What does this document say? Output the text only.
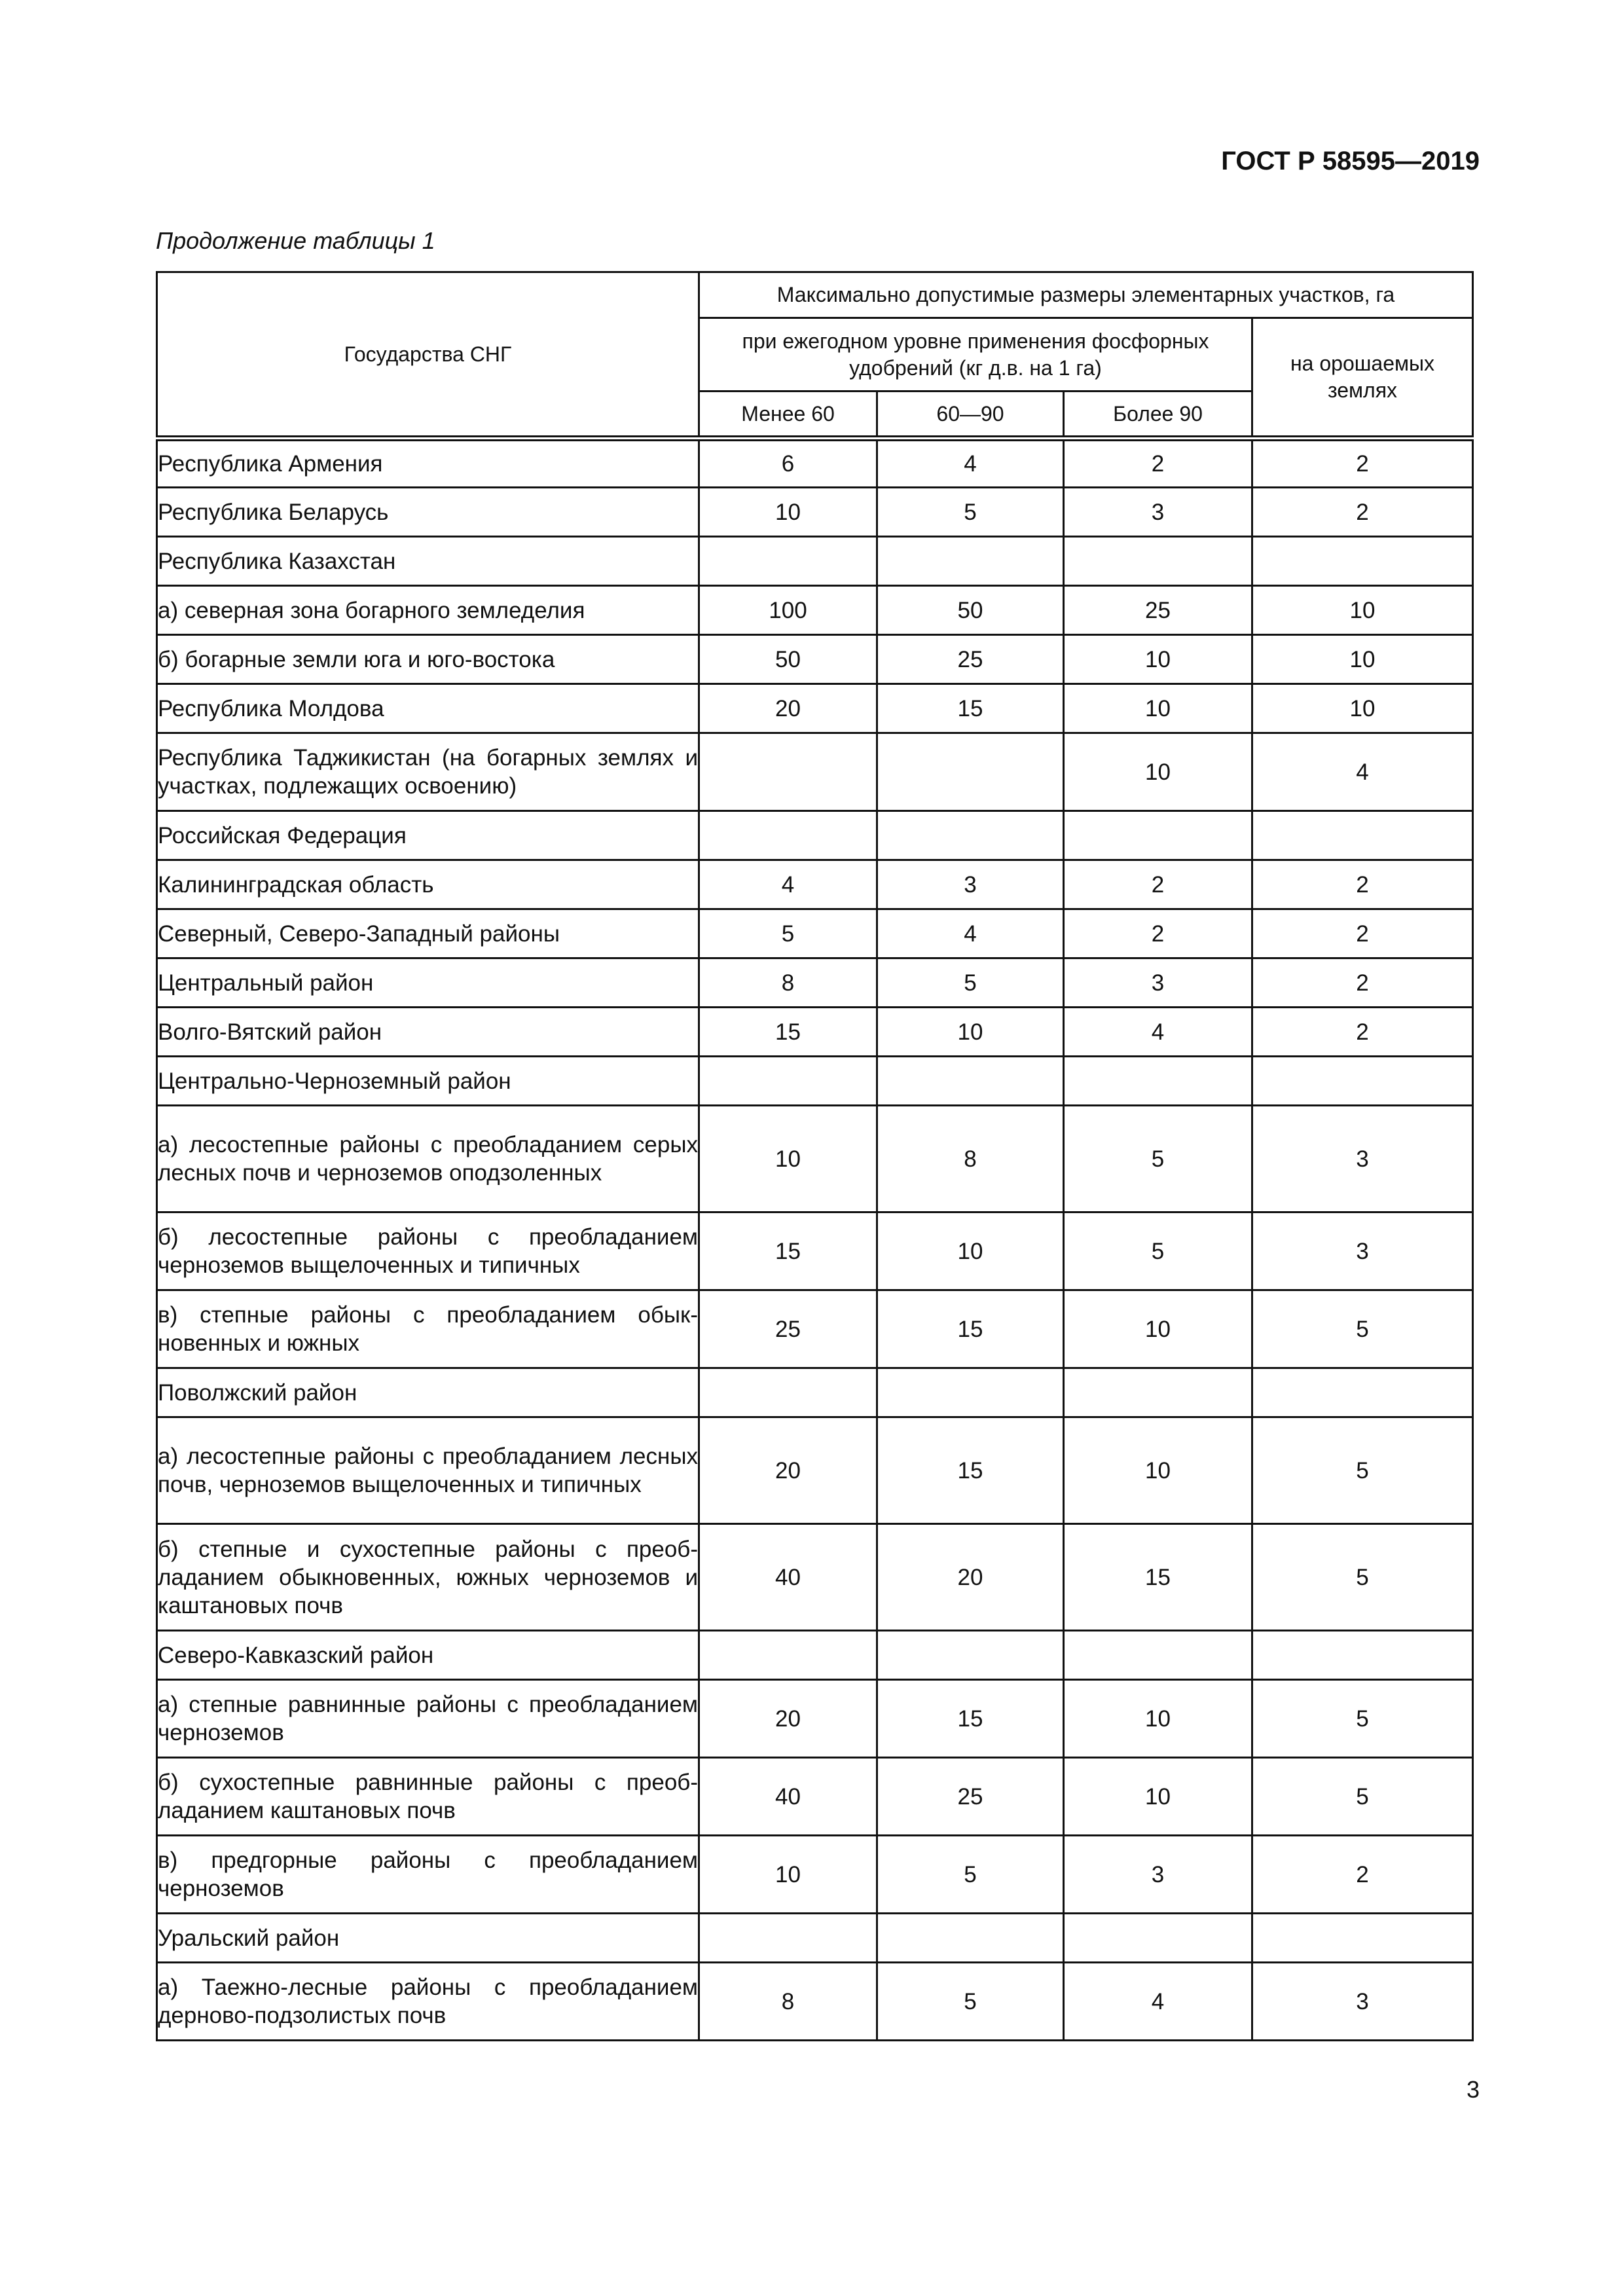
ГОСТ Р 58595—2019
Продолжение таблицы 1
Государства СНГ	Максимально допустимые размеры элементарных участков, га			
	при ежегодном уровне применения фосфорных удобрений (кг д.в. на 1 га)			на орошаемых землях
	Менее 60	60—90	Более 90	
Республика Армения	6	4	2	2
Республика Беларусь	10	5	3	2
Республика Казахстан				
а) северная зона богарного земледелия	100	50	25	10
б) богарные земли юга и юго-востока	50	25	10	10
Республика Молдова	20	15	10	10
Республика Таджикистан (на богарных землях и участках, подлежащих освоению)			10	4
Российская Федерация				
Калининградская область	4	3	2	2
Северный, Северо-Западный районы	5	4	2	2
Центральный район	8	5	3	2
Волго-Вятский район	15	10	4	2
Центрально-Черноземный район				
а) лесостепные районы с преобладанием серых лесных почв и черноземов оподзоленных	10	8	5	3
б) лесостепные районы с преобладанием черноземов выщелоченных и типичных	15	10	5	3
в) степные районы с преобладанием обыкновенных и южных	25	15	10	5
Поволжский район				
а) лесостепные районы с преобладанием лесных почв, черноземов выщелоченных и типичных	20	15	10	5
б) степные и сухостепные районы с преобладанием обыкновенных, южных черноземов и каштановых почв	40	20	15	5
Северо-Кавказский район				
а) степные равнинные районы с преобладанием черноземов	20	15	10	5
б) сухостепные равнинные районы с преобладанием каштановых почв	40	25	10	5
в) предгорные районы с преобладанием черноземов	10	5	3	2
Уральский район				
а) Таежно-лесные районы с преобладанием дерново-подзолистых почв	8	5	4	3
3
